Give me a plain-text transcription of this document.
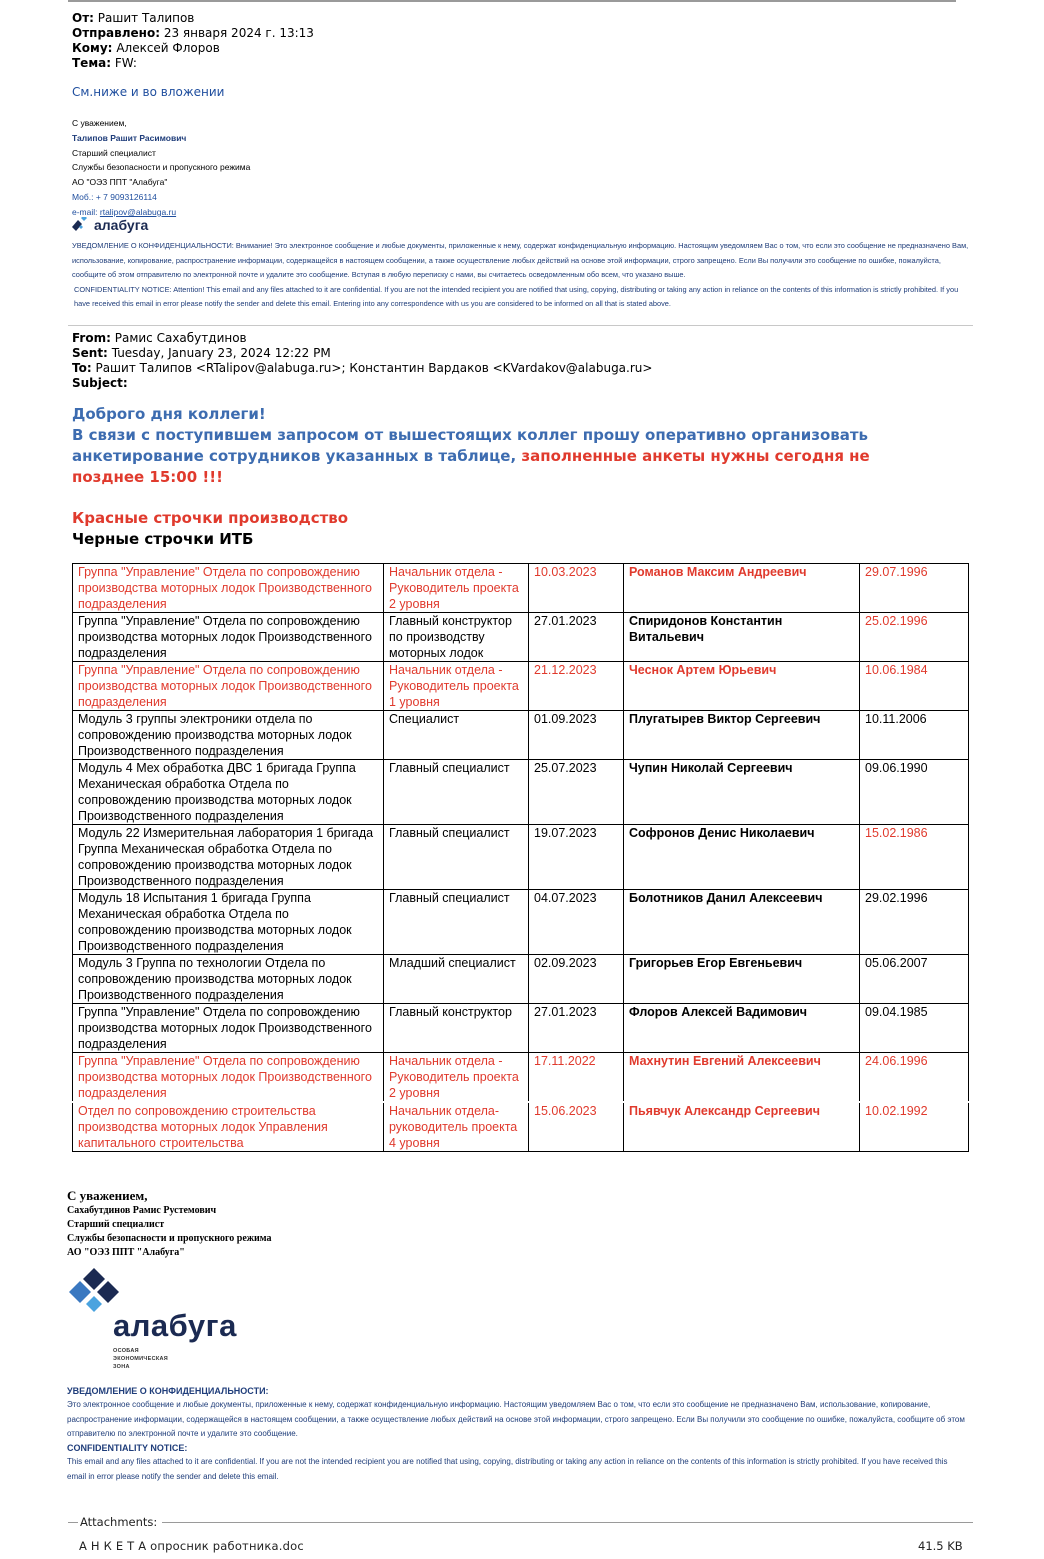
От: Рашит Талипов
Отправлено: 23 января 2024 г. 13:13
Кому: Алексей Флоров
Тема: FW:
См.ниже и во вложении
С уважением,
Талипов Рашит Расимович
Старший специалист
Службы безопасности и пропускного режима
АО "ОЭЗ ППТ "Алабуга"
Моб.: + 7 9093126114
e-mail: rtalipov@alabuga.ru
алабуга
УВЕДОМЛЕНИЕ О КОНФИДЕНЦИАЛЬНОСТИ: Внимание! Это электронное сообщение и любые документы, приложенные к нему, содержат конфиденциальную информацию. Настоящим уведомляем Вас о том, что если это сообщение не предназначено Вам, использование, копирование, распространение информации, содержащейся в настоящем сообщении, а также осуществление любых действий на основе этой информации, строго запрещено. Если Вы получили это сообщение по ошибке, пожалуйста, сообщите об этом отправителю по электронной почте и удалите это сообщение. Вступая в любую переписку с нами, вы считаетесь осведомленным обо всем, что указано выше.
CONFIDENTIALITY NOTICE: Attention! This email and any files attached to it are confidential. If you are not the intended recipient you are notified that using, copying, distributing or taking any action in reliance on the contents of this information is strictly prohibited. If you have received this email in error please notify the sender and delete this email. Entering into any correspondence with us you are considered to be informed on all that is stated above.
From: Рамис Сахабутдинов
Sent: Tuesday, January 23, 2024 12:22 PM
To: Рашит Талипов <RTalipov@alabuga.ru>; Константин Вардаков <KVardakov@alabuga.ru>
Subject:
Доброго дня коллеги!
В связи с поступившем запросом от вышестоящих коллег прошу оперативно организовать
анкетирование сотрудников указанных в таблице, заполненные анкеты нужны сегодня не
позднее 15:00 !!!
Красные строчки производство
Черные строчки ИТБ
Группа "Управление" Отдела по сопровождению производства моторных лодок Производственного подразделения	Начальник отдела - Руководитель проекта 2 уровня	10.03.2023	Романов Максим Андреевич	29.07.1996
Группа "Управление" Отдела по сопровождению производства моторных лодок Производственного подразделения	Главный конструктор по производству моторных лодок	27.01.2023	Спиридонов Константин Витальевич	25.02.1996
Группа "Управление" Отдела по сопровождению производства моторных лодок Производственного подразделения	Начальник отдела - Руководитель проекта 1 уровня	21.12.2023	Чеснок Артем Юрьевич	10.06.1984
Модуль 3 группы электроники отдела по сопровождению производства моторных лодок Производственного подразделения	Специалист	01.09.2023	Плугатырев Виктор Сергеевич	10.11.2006
Модуль 4 Мех обработка ДВС 1 бригада Группа Механическая обработка Отдела по сопровождению производства моторных лодок Производственного подразделения	Главный специалист	25.07.2023	Чупин Николай Сергеевич	09.06.1990
Модуль 22 Измерительная лаборатория 1 бригада Группа Механическая обработка Отдела по сопровождению производства моторных лодок Производственного подразделения	Главный специалист	19.07.2023	Софронов Денис Николаевич	15.02.1986
Модуль 18 Испытания 1 бригада Группа Механическая обработка Отдела по сопровождению производства моторных лодок Производственного подразделения	Главный специалист	04.07.2023	Болотников Данил Алексеевич	29.02.1996
Модуль 3 Группа по технологии Отдела по сопровождению производства моторных лодок Производственного подразделения	Младший специалист	02.09.2023	Григорьев Егор Евгеньевич	05.06.2007
Группа "Управление" Отдела по сопровождению производства моторных лодок Производственного подразделения	Главный конструктор	27.01.2023	Флоров Алексей Вадимович	09.04.1985
Группа "Управление" Отдела по сопровождению производства моторных лодок Производственного подразделения	Начальник отдела - Руководитель проекта 2 уровня	17.11.2022	Махнутин Евгений Алексеевич	24.06.1996
Отдел по сопровождению строительства производства моторных лодок Управления капитального строительства	Начальник отдела- руководитель проекта 4 уровня	15.06.2023	Пьявчук Александр Сергеевич	10.02.1992
С уважением,
Сахабутдинов Рамис Рустемович
Старший специалист
Службы безопасности и пропускного режима
АО "ОЭЗ ППТ "Алабуга"
алабуга
ОСОБАЯ
ЭКОНОМИЧЕСКАЯ
ЗОНА
УВЕДОМЛЕНИЕ О КОНФИДЕНЦИАЛЬНОСТИ:
Это электронное сообщение и любые документы, приложенные к нему, содержат конфиденциальную информацию. Настоящим уведомляем Вас о том, что если это сообщение не предназначено Вам, использование, копирование, распространение информации, содержащейся в настоящем сообщении, а также осуществление любых действий на основе этой информации, строго запрещено. Если Вы получили это сообщение по ошибке, пожалуйста, сообщите об этом отправителю по электронной почте и удалите это сообщение.
CONFIDENTIALITY NOTICE:
This email and any files attached to it are confidential. If you are not the intended recipient you are notified that using, copying, distributing or taking any action in reliance on the contents of this information is strictly prohibited. If you have received this email in error please notify the sender and delete this email.
Attachments:
А Н К Е Т А опросник работника.doc	41.5 KB
